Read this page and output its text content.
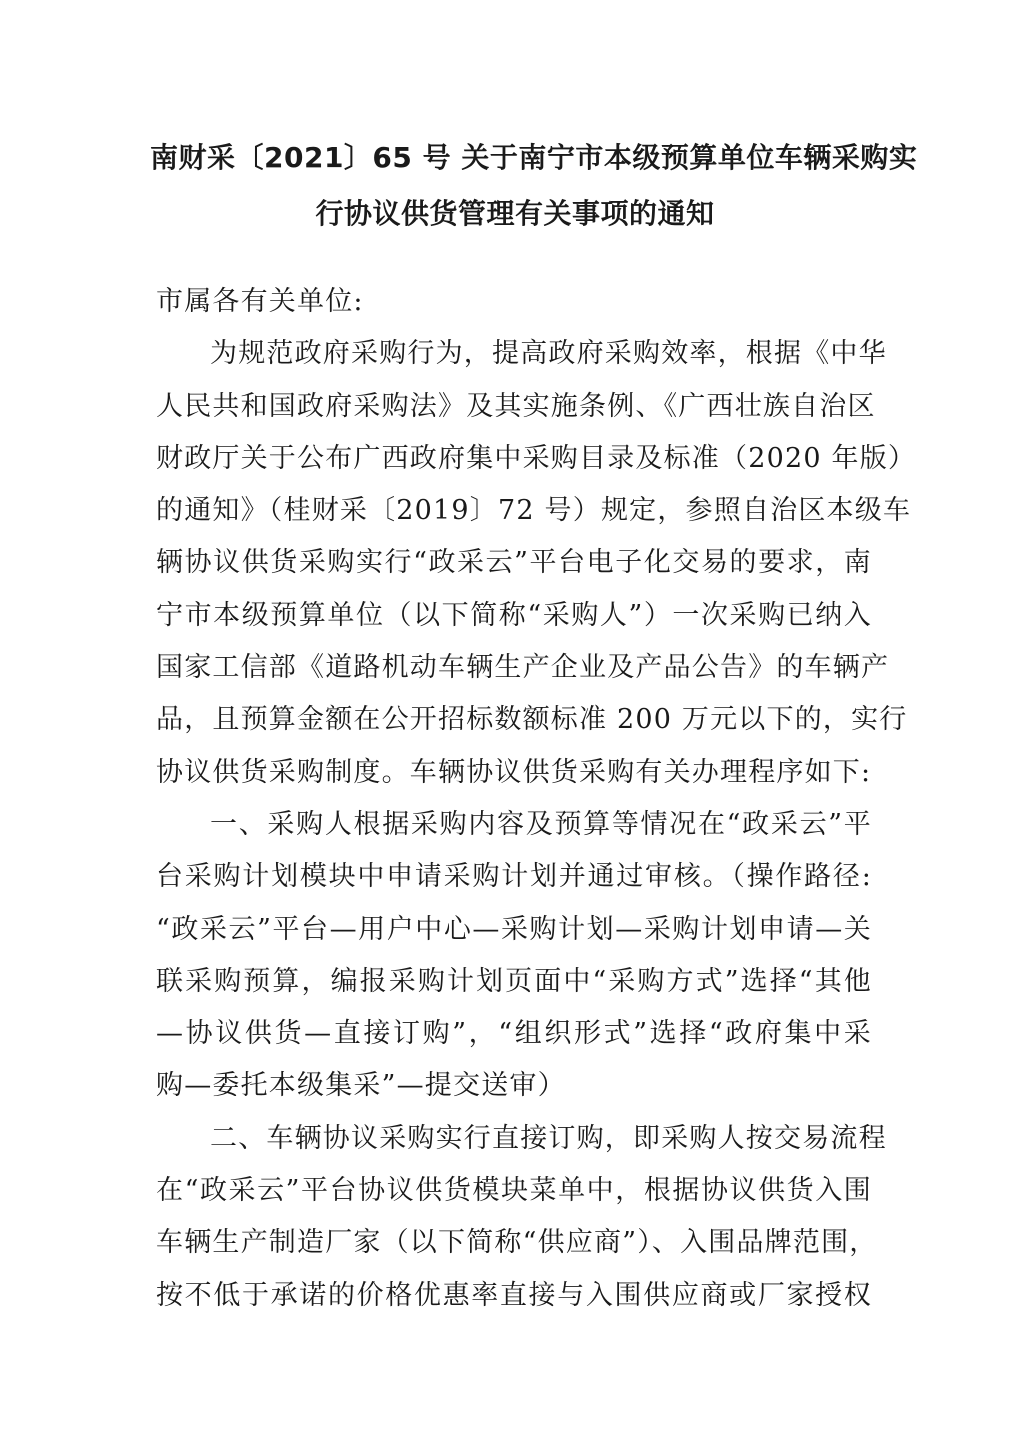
南财采〔2021〕65 号 关于南宁市本级预算单位车辆采购实
行协议供货管理有关事项的通知
市属各有关单位:
为规范政府采购行为，提高政府采购效率，根据《中华
人民共和国政府采购法》及其实施条例、《广西壮族自治区
财政厅关于公布广西政府集中采购目录及标准（2020 年版）
的通知》（桂财采〔2019〕72 号）规定，参照自治区本级车
辆协议供货采购实行“政采云”平台电子化交易的要求，南
宁市本级预算单位（以下简称“采购人”）一次采购已纳入
国家工信部《道路机动车辆生产企业及产品公告》的车辆产
品，且预算金额在公开招标数额标准 200 万元以下的，实行
协议供货采购制度。车辆协议供货采购有关办理程序如下:
一、采购人根据采购内容及预算等情况在“政采云”平
台采购计划模块中申请采购计划并通过审核。（操作路径:
“政采云”平台—用户中心—采购计划—采购计划申请—关
联采购预算，编报采购计划页面中“采购方式”选择“其他
—协议供货—直接订购”，“组织形式”选择“政府集中采
购—委托本级集采”—提交送审）
二、车辆协议采购实行直接订购，即采购人按交易流程
在“政采云”平台协议供货模块菜单中，根据协议供货入围
车辆生产制造厂家（以下简称“供应商”）、入围品牌范围，
按不低于承诺的价格优惠率直接与入围供应商或厂家授权
